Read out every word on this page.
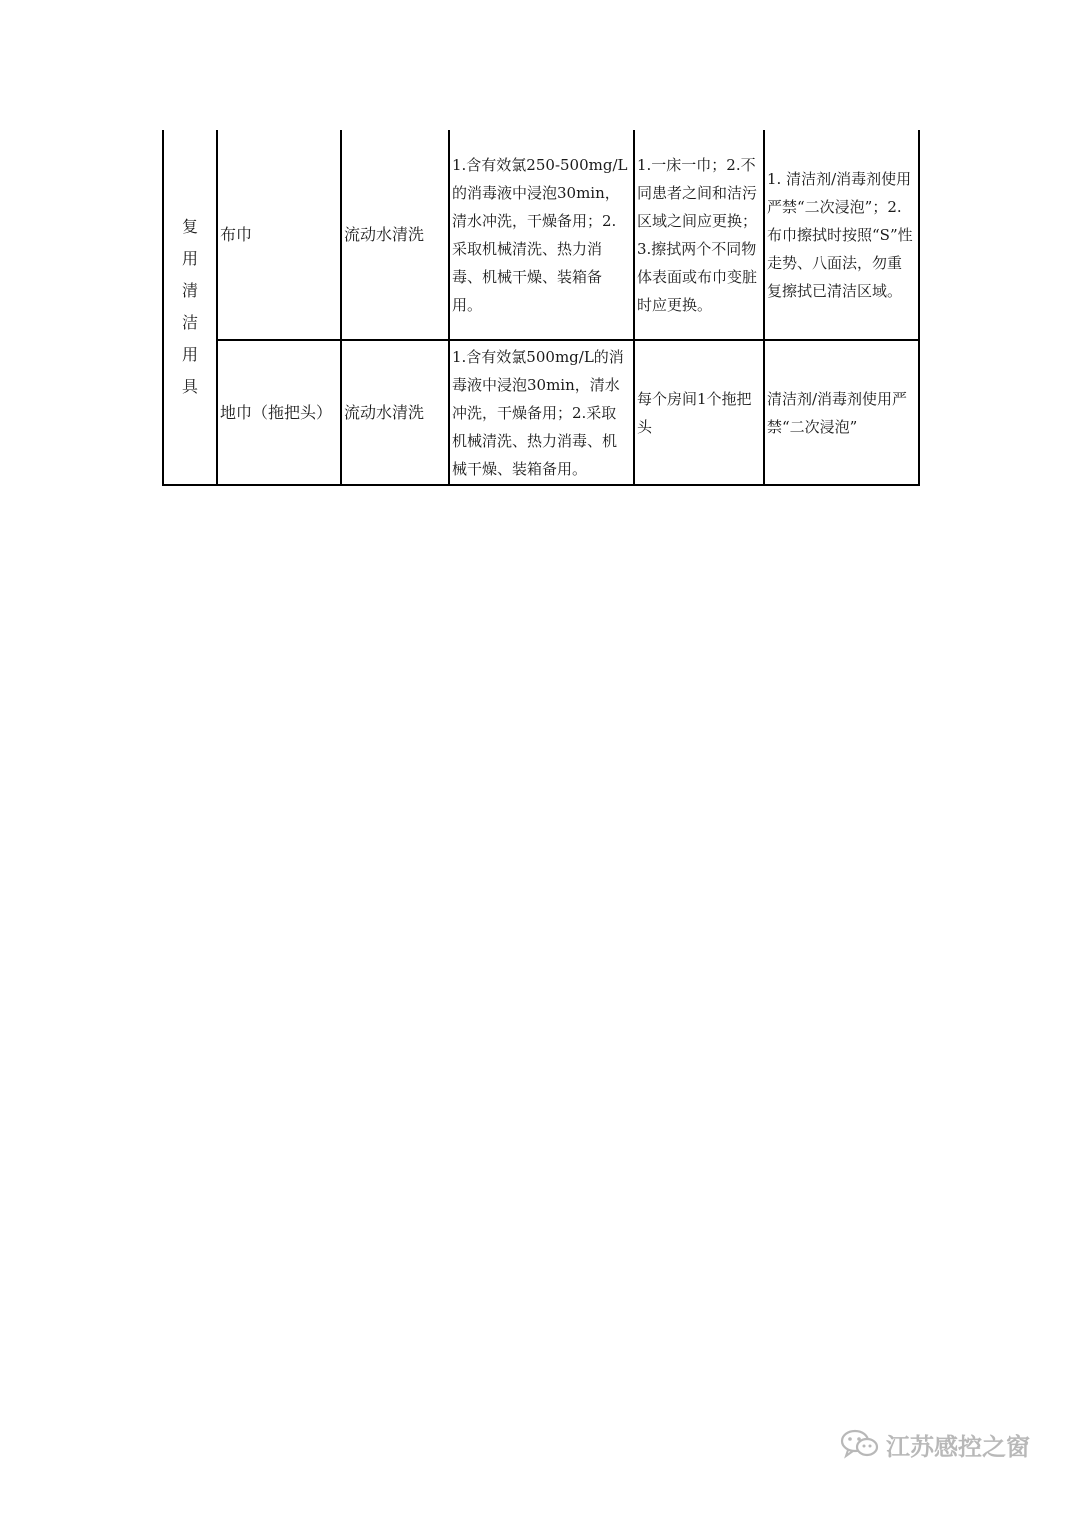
复用清洁用具	布巾	流动水清洗	1.含有效氯250-500mg/L的消毒液中浸泡30min，清水冲洗，干燥备用；2.采取机械清洗、热力消毒、机械干燥、装箱备用。	1.一床一巾；2.不同患者之间和洁污区域之间应更换；3.擦拭两个不同物体表面或布巾变脏时应更换。	1. 清洁剂/消毒剂使用严禁“二次浸泡”；2.布巾擦拭时按照“S”性走势、八面法，勿重复擦拭已清洁区域。
	地巾（拖把头）	流动水清洗	1.含有效氯500mg/L的消毒液中浸泡30min，清水冲洗，干燥备用；2.采取机械清洗、热力消毒、机械干燥、装箱备用。	每个房间1个拖把头	清洁剂/消毒剂使用严禁“二次浸泡”
江苏感控之窗
